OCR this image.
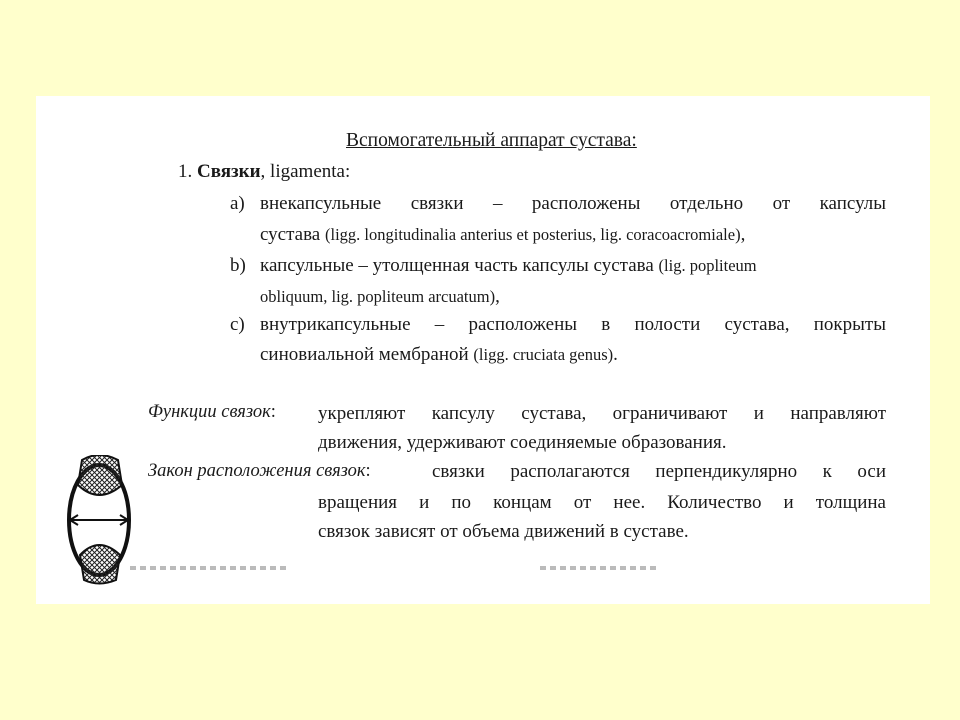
Вспомогательный аппарат сустава:
1. Связки, ligamenta:
a) внекапсульные связки – расположены отдельно от капсулы
сустава (ligg. longitudinalia anterius et posterius, lig. coracoacromiale),
b) капсульные – утолщенная часть капсулы сустава (lig. popliteum
obliquum, lig. popliteum arcuatum),
c) внутрикапсульные – расположены в полости сустава, покрыты
синовиальной мембраной (ligg. cruciata genus).
Функции связок: укрепляют капсулу сустава, ограничивают и направляют
движения, удерживают соединяемые образования.
Закон расположения связок:	связки располагаются перпендикулярно к оси
вращения и по концам от нее. Количество и толщина
связок зависят от объема движений в суставе.
